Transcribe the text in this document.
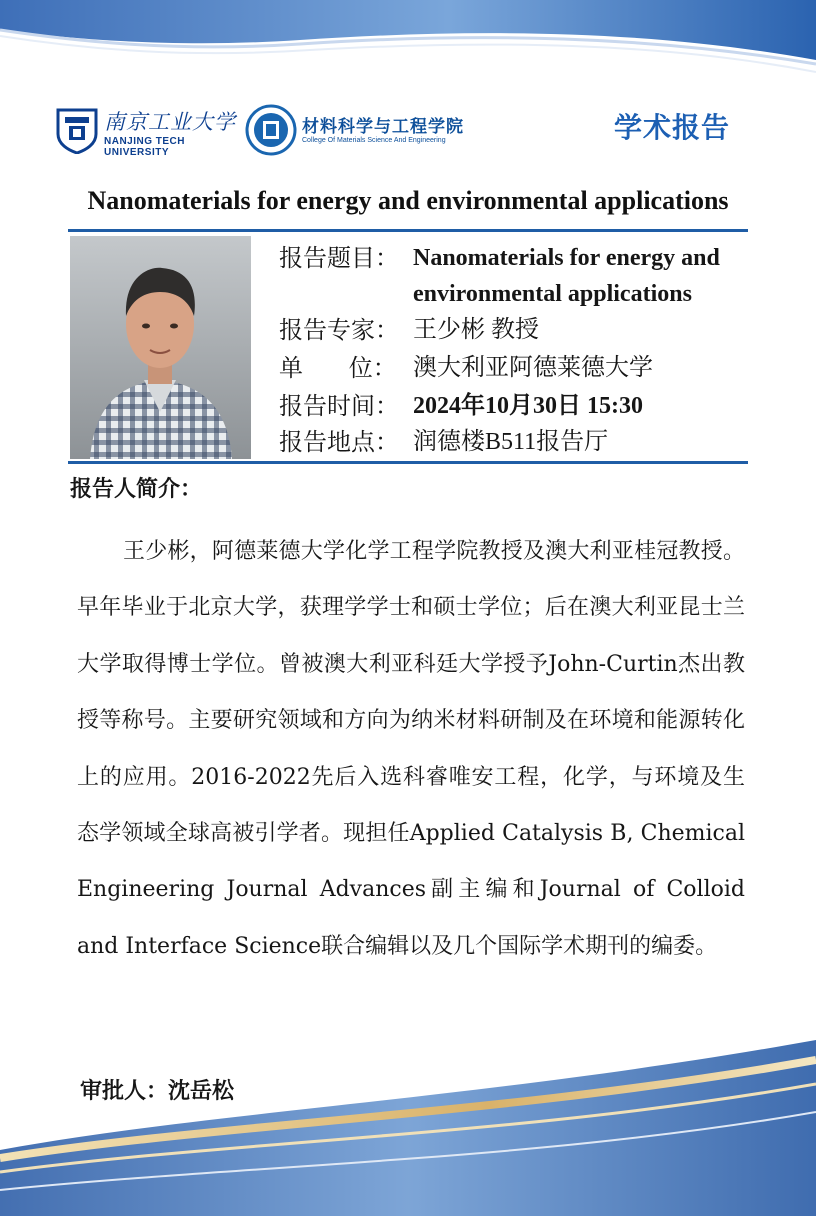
南京工业大学
NANJING TECH
UNIVERSITY
材料科学与工程学院
College Of Materials Science And Engineering	学术报告
Nanomaterials for energy and environmental applications
报告题目： Nanomaterials for energy and
environmental applications
报告专家： 王少彬 教授
单      位： 澳大利亚阿德莱德大学
报告时间： 2024年10月30日 15:30
报告地点： 润德楼B511报告厅
报告人简介：
王少彬，阿德莱德大学化学工程学院教授及澳大利亚桂冠教授。早年毕业于北京大学，获理学学士和硕士学位；后在澳大利亚昆士兰大学取得博士学位。曾被澳大利亚科廷大学授予John-Curtin杰出教授等称号。主要研究领域和方向为纳米材料研制及在环境和能源转化上的应用。2016-2022先后入选科睿唯安工程，化学，与环境及生态学领域全球高被引学者。现担任Applied Catalysis B, Chemical Engineering Journal Advances副主编和Journal of Colloid and Interface Science联合编辑以及几个国际学术期刊的编委。
审批人：沈岳松
